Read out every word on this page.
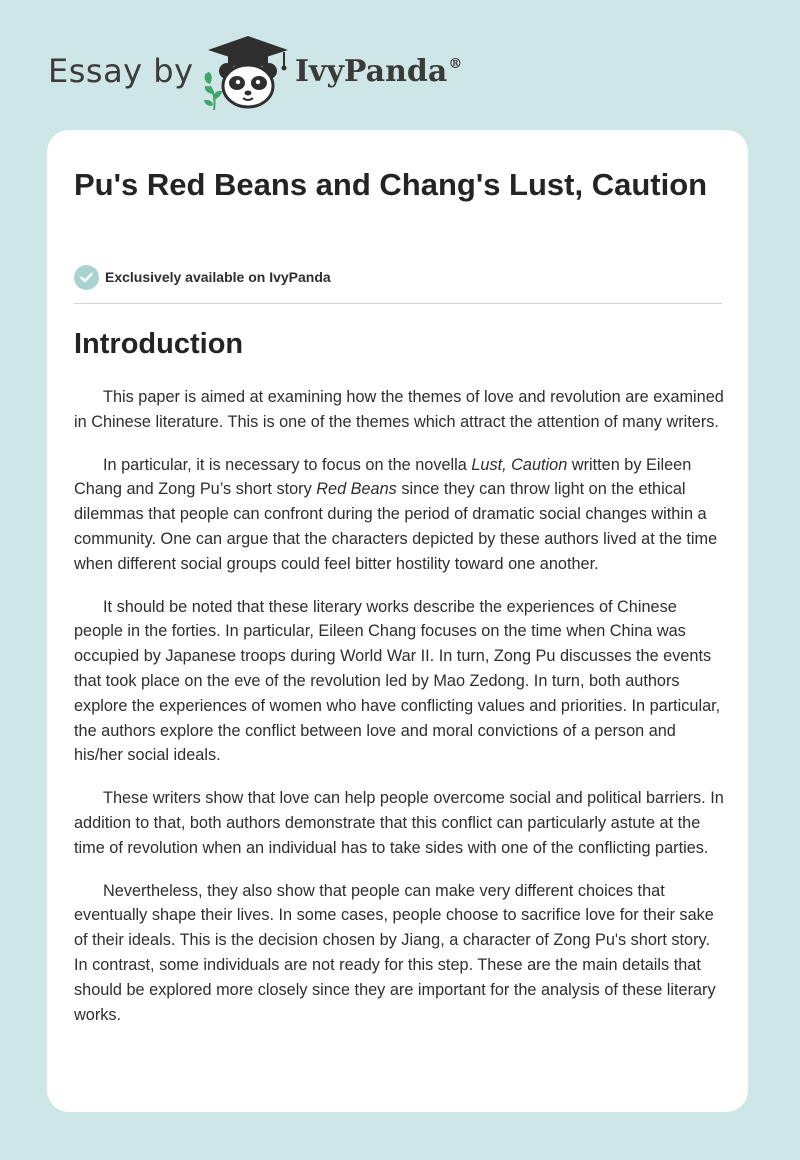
Essay by	IvyPanda®
Pu's Red Beans and Chang's Lust, Caution
Exclusively available on IvyPanda
Introduction

This paper is aimed at examining how the themes of love and revolution are examined in Chinese literature. This is one of the themes which attract the attention of many writers.

In particular, it is necessary to focus on the novella Lust, Caution written by Eileen Chang and Zong Pu’s short story Red Beans since they can throw light on the ethical dilemmas that people can confront during the period of dramatic social changes within a community. One can argue that the characters depicted by these authors lived at the time when different social groups could feel bitter hostility toward one another.

It should be noted that these literary works describe the experiences of Chinese people in the forties. In particular, Eileen Chang focuses on the time when China was occupied by Japanese troops during World War II. In turn, Zong Pu discusses the events that took place on the eve of the revolution led by Mao Zedong. In turn, both authors explore the experiences of women who have conflicting values and priorities. In particular, the authors explore the conflict between love and moral convictions of a person and his/her social ideals.

These writers show that love can help people overcome social and political barriers. In addition to that, both authors demonstrate that this conflict can particularly astute at the time of revolution when an individual has to take sides with one of the conflicting parties.

Nevertheless, they also show that people can make very different choices that eventually shape their lives. In some cases, people choose to sacrifice love for their sake of their ideals. This is the decision chosen by Jiang, a character of Zong Pu's short story. In contrast, some individuals are not ready for this step. These are the main details that should be explored more closely since they are important for the analysis of these literary works.
